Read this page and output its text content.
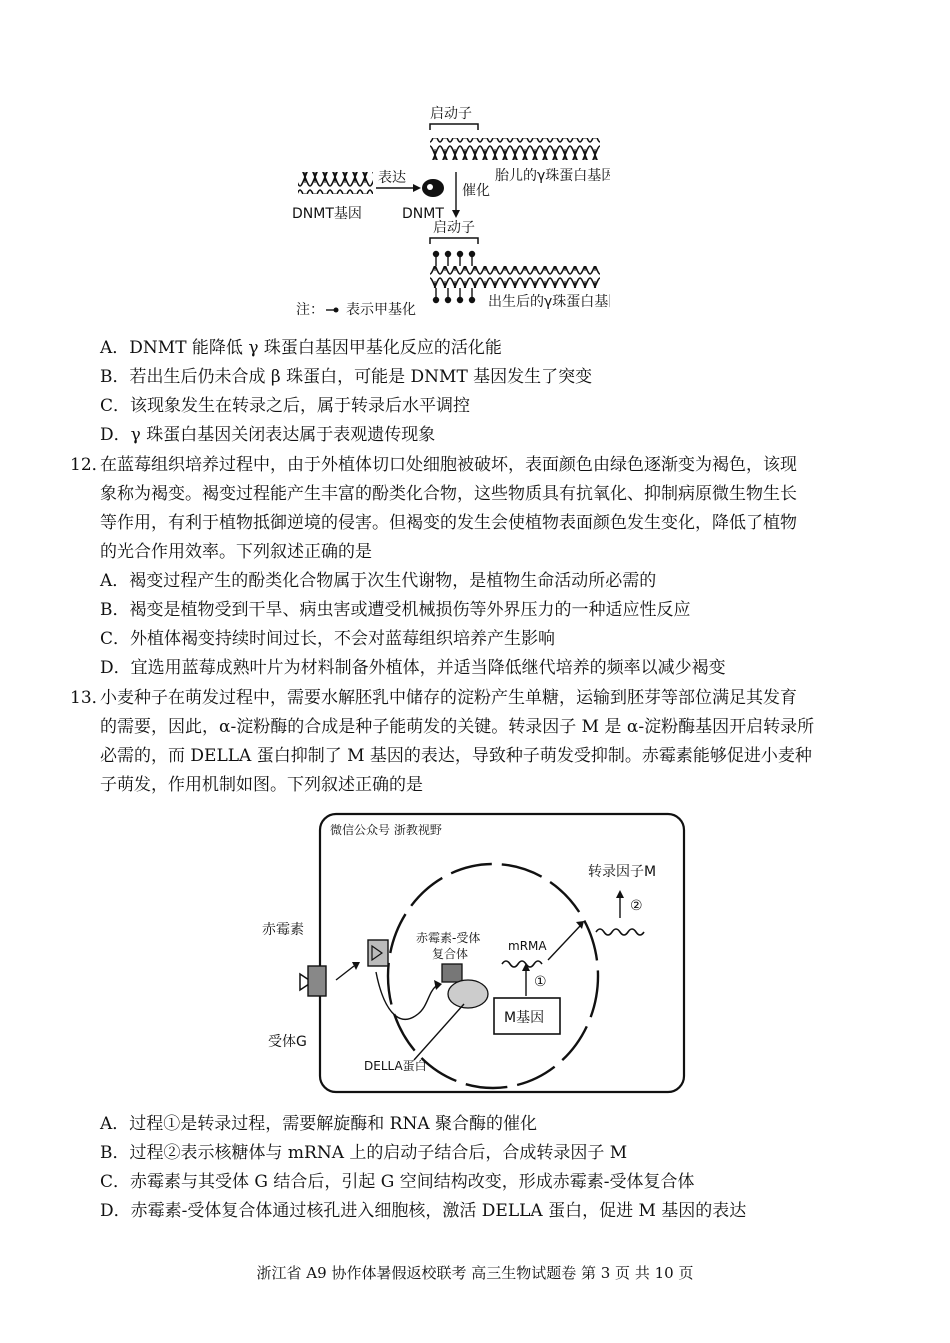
启动子
胎儿的γ珠蛋白基因
DNMT基因
表达
DNMT
催化
启动子
出生后的γ珠蛋白基因
注： 表示甲基化
A．DNMT 能降低 γ 珠蛋白基因甲基化反应的活化能
B．若出生后仍未合成 β 珠蛋白，可能是 DNMT 基因发生了突变
C．该现象发生在转录之后，属于转录后水平调控
D．γ 珠蛋白基因关闭表达属于表观遗传现象
12．
在蓝莓组织培养过程中，由于外植体切口处细胞被破坏，表面颜色由绿色逐渐变为褐色，该现
象称为褐变。褐变过程能产生丰富的酚类化合物，这些物质具有抗氧化、抑制病原微生物生长
等作用，有利于植物抵御逆境的侵害。但褐变的发生会使植物表面颜色发生变化，降低了植物
的光合作用效率。下列叙述正确的是
A．褐变过程产生的酚类化合物属于次生代谢物，是植物生命活动所必需的
B．褐变是植物受到干旱、病虫害或遭受机械损伤等外界压力的一种适应性反应
C．外植体褐变持续时间过长，不会对蓝莓组织培养产生影响
D．宜选用蓝莓成熟叶片为材料制备外植体，并适当降低继代培养的频率以减少褐变
13．
小麦种子在萌发过程中，需要水解胚乳中储存的淀粉产生单糖，运输到胚芽等部位满足其发育
的需要，因此，α-淀粉酶的合成是种子能萌发的关键。转录因子 M 是 α-淀粉酶基因开启转录所
必需的，而 DELLA 蛋白抑制了 M 基因的表达，导致种子萌发受抑制。赤霉素能够促进小麦种
子萌发，作用机制如图。下列叙述正确的是
微信公众号 浙教视野
赤霉素
受体G
赤霉素-受体
复合体
M基因
①
mRMA
DELLA蛋白
②
转录因子M
A．过程①是转录过程，需要解旋酶和 RNA 聚合酶的催化
B．过程②表示核糖体与 mRNA 上的启动子结合后，合成转录因子 M
C．赤霉素与其受体 G 结合后，引起 G 空间结构改变，形成赤霉素-受体复合体
D．赤霉素-受体复合体通过核孔进入细胞核，激活 DELLA 蛋白，促进 M 基因的表达
浙江省 A9 协作体暑假返校联考 高三生物试题卷 第 3 页 共 10 页
